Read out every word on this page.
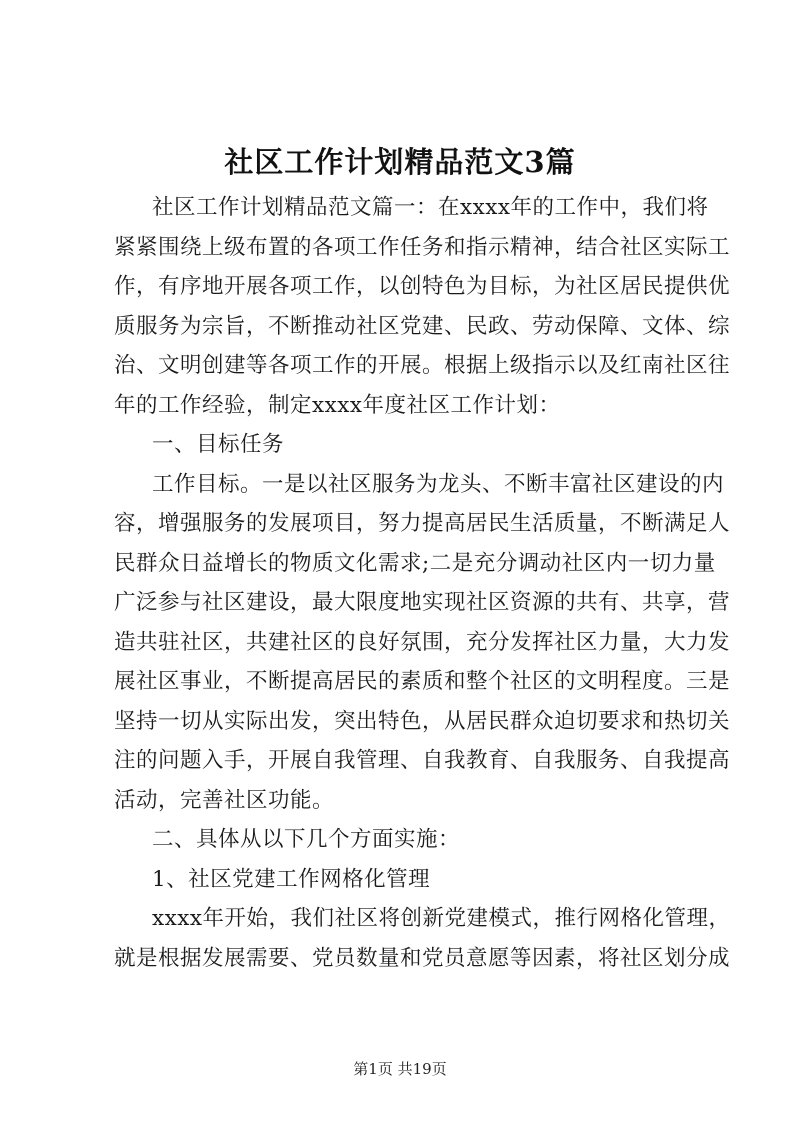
社区工作计划精品范文3篇
社区工作计划精品范文篇一：在xxxx年的工作中，我们将
紧紧围绕上级布置的各项工作任务和指示精神，结合社区实际工
作，有序地开展各项工作，以创特色为目标，为社区居民提供优
质服务为宗旨，不断推动社区党建、民政、劳动保障、文体、综
治、文明创建等各项工作的开展。根据上级指示以及红南社区往
年的工作经验，制定xxxx年度社区工作计划：
一、目标任务
工作目标。一是以社区服务为龙头、不断丰富社区建设的内
容，增强服务的发展项目，努力提高居民生活质量，不断满足人
民群众日益增长的物质文化需求;二是充分调动社区内一切力量
广泛参与社区建设，最大限度地实现社区资源的共有、共享，营
造共驻社区，共建社区的良好氛围，充分发挥社区力量，大力发
展社区事业，不断提高居民的素质和整个社区的文明程度。三是
坚持一切从实际出发，突出特色，从居民群众迫切要求和热切关
注的问题入手，开展自我管理、自我教育、自我服务、自我提高
活动，完善社区功能。
二、具体从以下几个方面实施：
1、社区党建工作网格化管理
xxxx年开始，我们社区将创新党建模式，推行网格化管理，
就是根据发展需要、党员数量和党员意愿等因素，将社区划分成
第1页 共19页
